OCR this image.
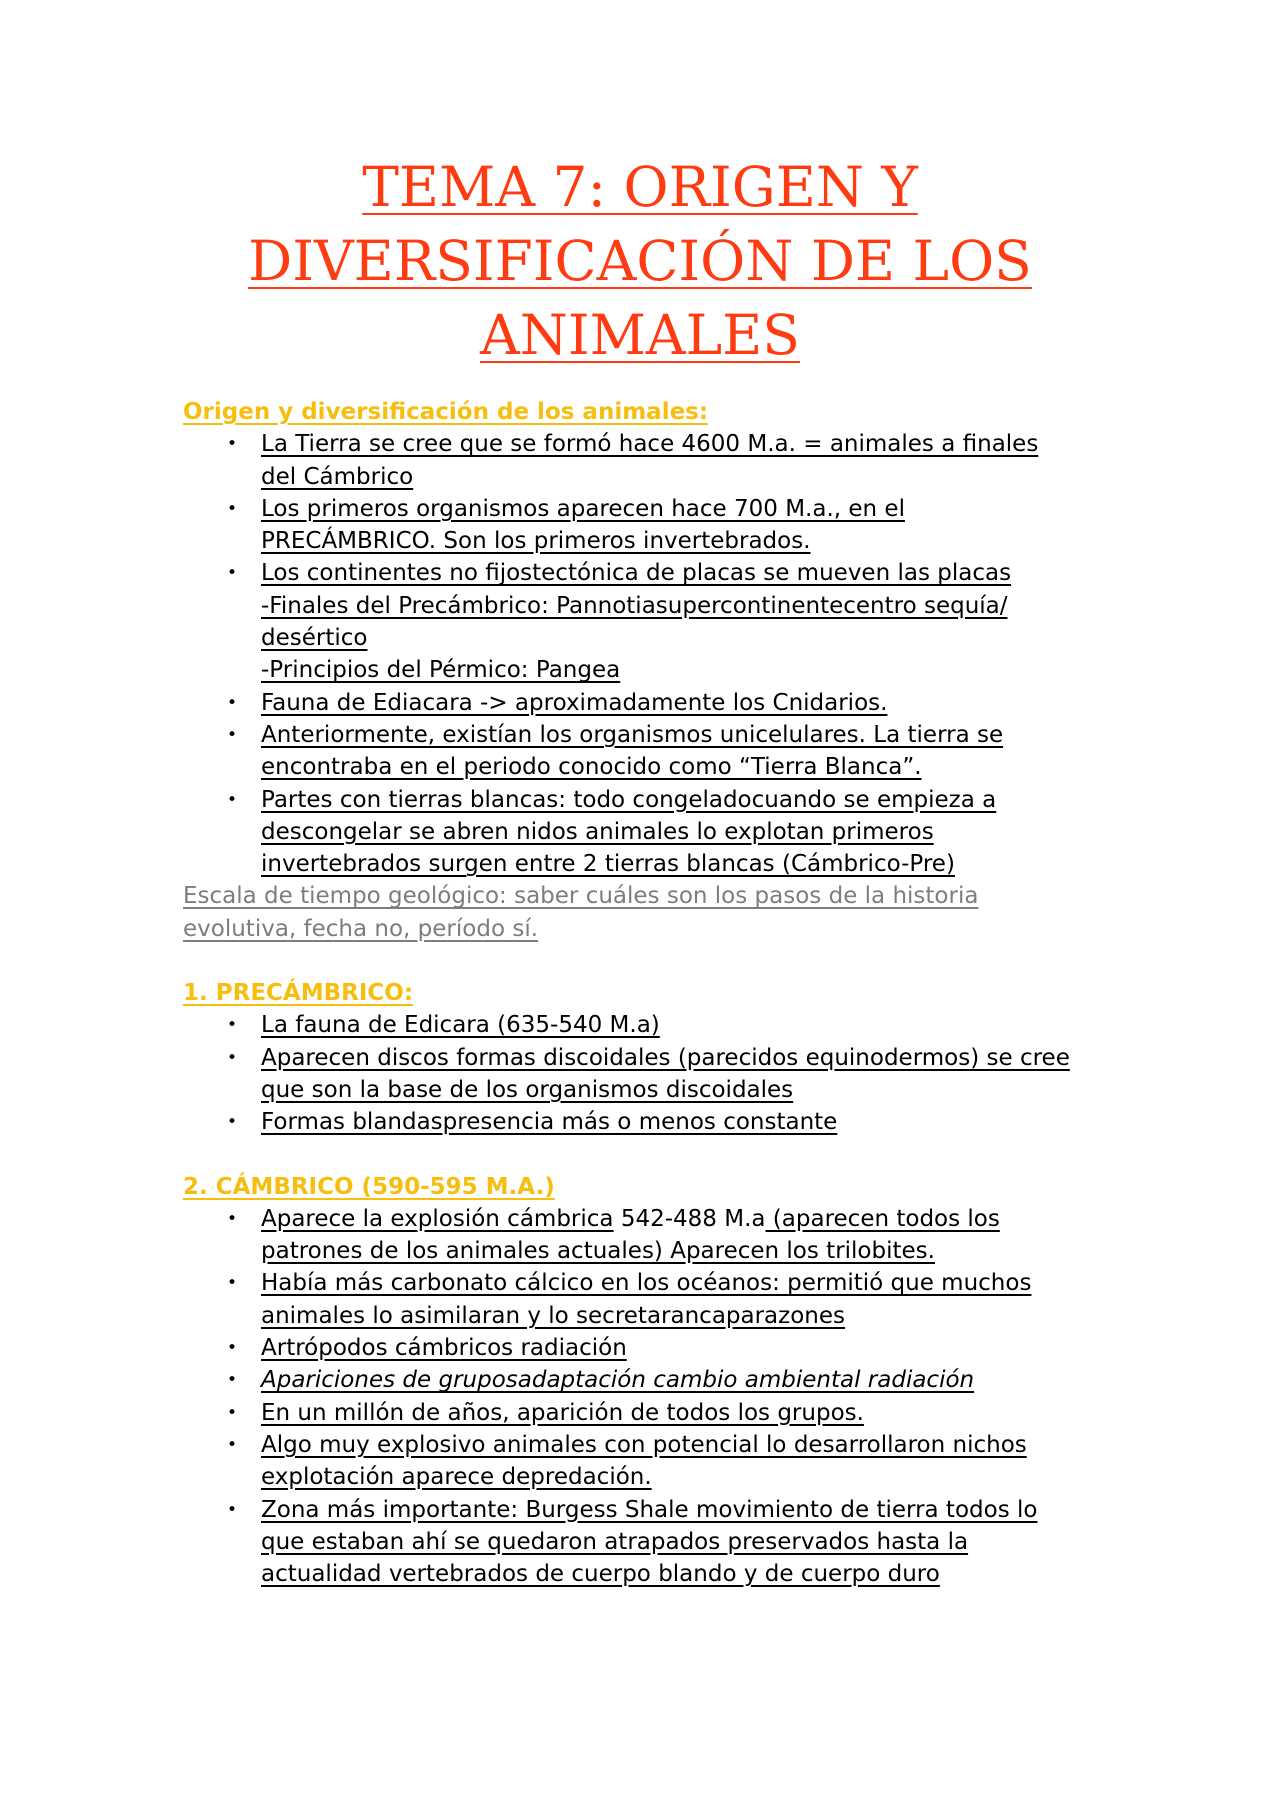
TEMA 7: ORIGEN Y
DIVERSIFICACIÓN DE LOS
ANIMALES
Origen y diversificación de los animales:
• La Tierra se cree que se formó hace 4600 M.a. = animales a finales
del Cámbrico
• Los primeros organismos aparecen hace 700 M.a., en el
PRECÁMBRICO. Son los primeros invertebrados.
• Los continentes no fijostectónica de placas se mueven las placas
-Finales del Precámbrico: Pannotiasupercontinentecentro sequía/
desértico
-Principios del Pérmico: Pangea
• Fauna de Ediacara -> aproximadamente los Cnidarios.
• Anteriormente, existían los organismos unicelulares. La tierra se
encontraba en el periodo conocido como “Tierra Blanca”.
• Partes con tierras blancas: todo congeladocuando se empieza a
descongelar se abren nidos animales lo explotan primeros
invertebrados surgen entre 2 tierras blancas (Cámbrico-Pre)
Escala de tiempo geológico: saber cuáles son los pasos de la historia
evolutiva, fecha no, período sí.
1. PRECÁMBRICO:
• La fauna de Edicara (635-540 M.a)
• Aparecen discos formas discoidales (parecidos equinodermos) se cree
que son la base de los organismos discoidales
• Formas blandaspresencia más o menos constante
2. CÁMBRICO (590-595 M.A.)
• Aparece la explosión cámbrica 542-488 M.a (aparecen todos los
patrones de los animales actuales) Aparecen los trilobites.
• Había más carbonato cálcico en los océanos: permitió que muchos
animales lo asimilaran y lo secretarancaparazones
• Artrópodos cámbricos radiación
• Apariciones de gruposadaptación cambio ambiental radiación
• En un millón de años, aparición de todos los grupos.
• Algo muy explosivo animales con potencial lo desarrollaron nichos
explotación aparece depredación.
• Zona más importante: Burgess Shale movimiento de tierra todos lo
que estaban ahí se quedaron atrapados preservados hasta la
actualidad vertebrados de cuerpo blando y de cuerpo duro
